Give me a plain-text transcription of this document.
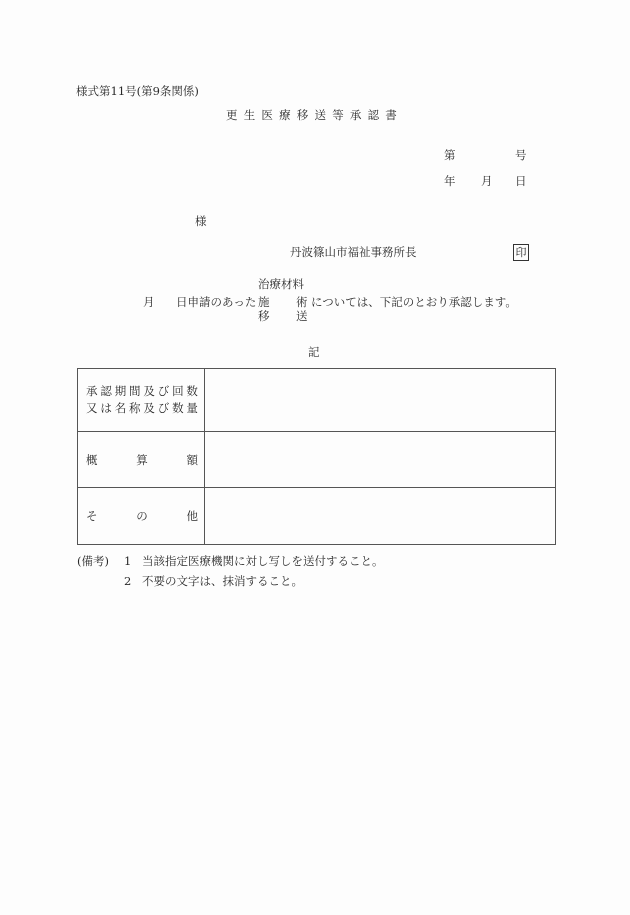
様式第11号(第9条関係)
更生医療移送等承認書
第	号
年 月 日
様
丹波篠山市福祉事務所長	印
月 日申請のあった
治療材料
施 術
移 送
については、下記のとおり承認します。
記
承 認 期 間 及 び 回 数
又 は 名 称 及 び 数 量

概 算 額	

そ の 他	

(備考) 1 当該指定医療機関に対し写しを送付すること。
2 不要の文字は、抹消すること。
